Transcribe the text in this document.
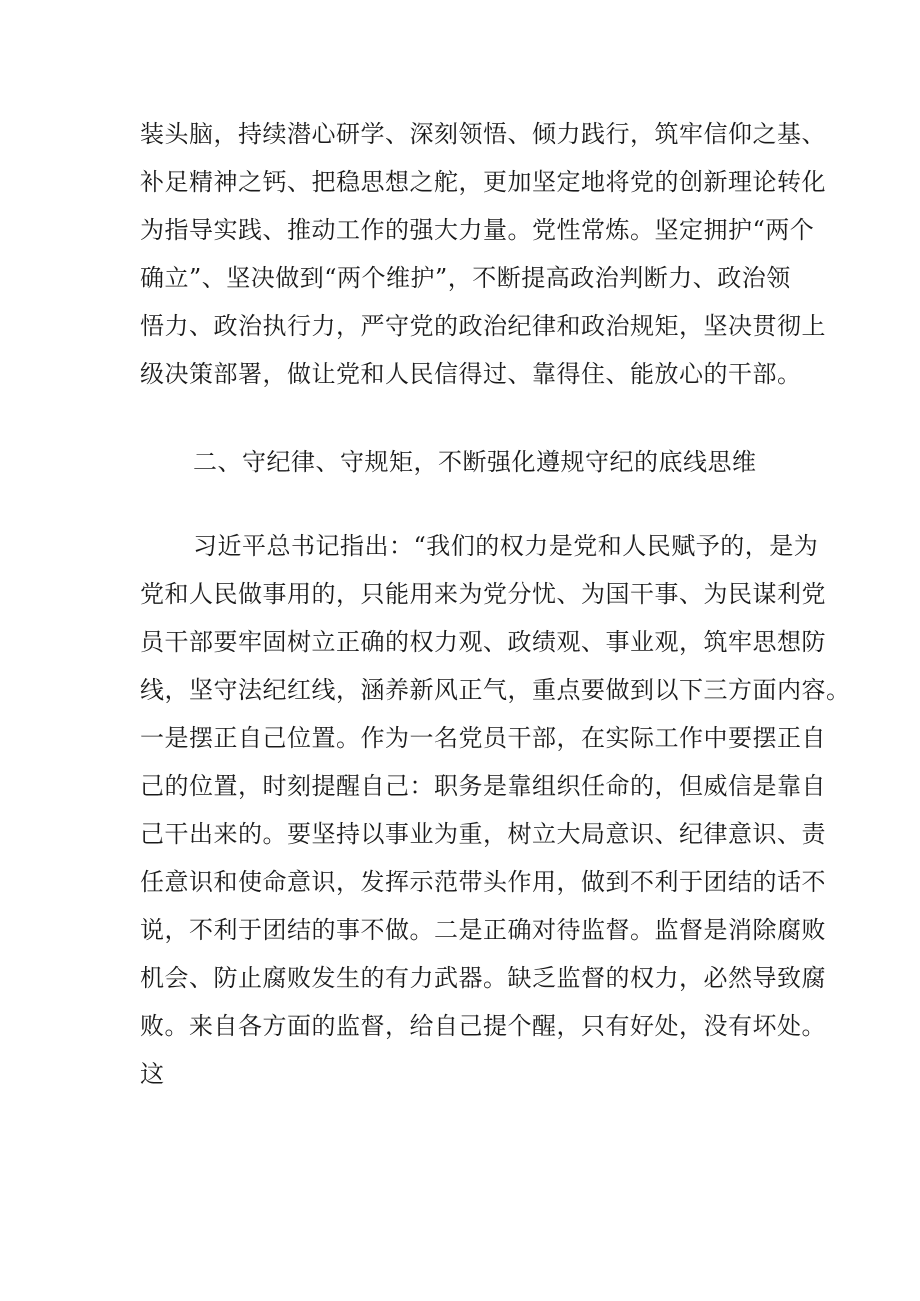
装头脑，持续潜心研学、深刻领悟、倾力践行，筑牢信仰之基、
补足精神之钙、把稳思想之舵，更加坚定地将党的创新理论转化
为指导实践、推动工作的强大力量。党性常炼。坚定拥护“两个
确立”、坚决做到“两个维护”，不断提高政治判断力、政治领
悟力、政治执行力，严守党的政治纪律和政治规矩，坚决贯彻上
级决策部署，做让党和人民信得过、靠得住、能放心的干部。
二、守纪律、守规矩，不断强化遵规守纪的底线思维
习近平总书记指出：“我们的权力是党和人民赋予的，是为
党和人民做事用的，只能用来为党分忧、为国干事、为民谋利党
员干部要牢固树立正确的权力观、政绩观、事业观，筑牢思想防
线，坚守法纪红线，涵养新风正气，重点要做到以下三方面内容。
一是摆正自己位置。作为一名党员干部，在实际工作中要摆正自
己的位置，时刻提醒自己：职务是靠组织任命的，但威信是靠自
己干出来的。要坚持以事业为重，树立大局意识、纪律意识、责
任意识和使命意识，发挥示范带头作用，做到不利于团结的话不
说，不利于团结的事不做。二是正确对待监督。监督是消除腐败
机会、防止腐败发生的有力武器。缺乏监督的权力，必然导致腐
败。来自各方面的监督，给自己提个醒，只有好处，没有坏处。
这
